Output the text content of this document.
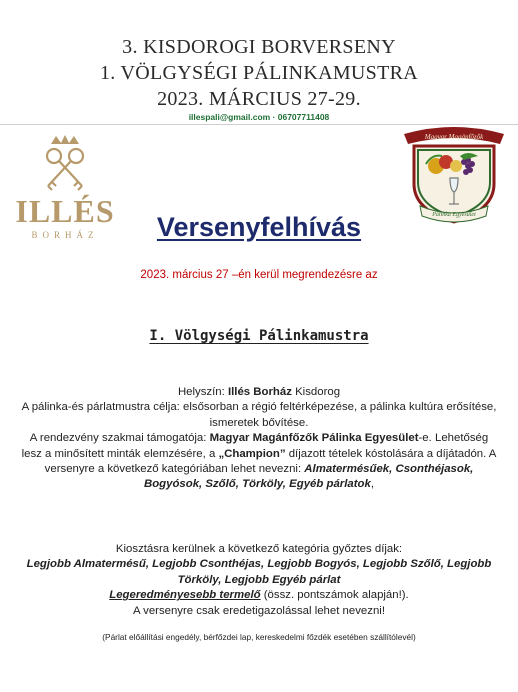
3. KISDOROGI BORVERSENY
1. VÖLGYSÉGI PÁLINKAMUSTRA
2023. MÁRCIUS 27-29.
illespali@gmail.com · 06707711408
ILLÉS
BORHÁZ
Magyar Magánfőzők
Pálinka Egyesület
Versenyfelhívás
2023. március 27 –én kerül megrendezésre az
I. Völgységi Pálinkamustra
Helyszín: Illés Borház Kisdorog
A pálinka-és párlatmustra célja: elsősorban a régió feltérképezése, a pálinka kultúra erősítése, ismeretek bővítése.
A rendezvény szakmai támogatója: Magyar Magánfőzők Pálinka Egyesület-e. Lehetőség lesz a minősített minták elemzésére, a „Champion” díjazott tételek kóstolására a díjátadón. A versenyre a következő kategóriában lehet nevezni: Almatermésűek, Csonthéjasok, Bogyósok, Szőlő, Törköly, Egyéb párlatok,
Kiosztásra kerülnek a következő kategória győztes díjak:
Legjobb Almatermésű, Legjobb Csonthéjas, Legjobb Bogyós, Legjobb Szőlő, Legjobb Törköly, Legjobb Egyéb párlat
Legeredményesebb termelő (össz. pontszámok alapján!).
A versenyre csak eredetigazolással lehet nevezni!
(Párlat előállítási engedély, bérfőzdei lap, kereskedelmi főzdék esetében szállítólevél)
